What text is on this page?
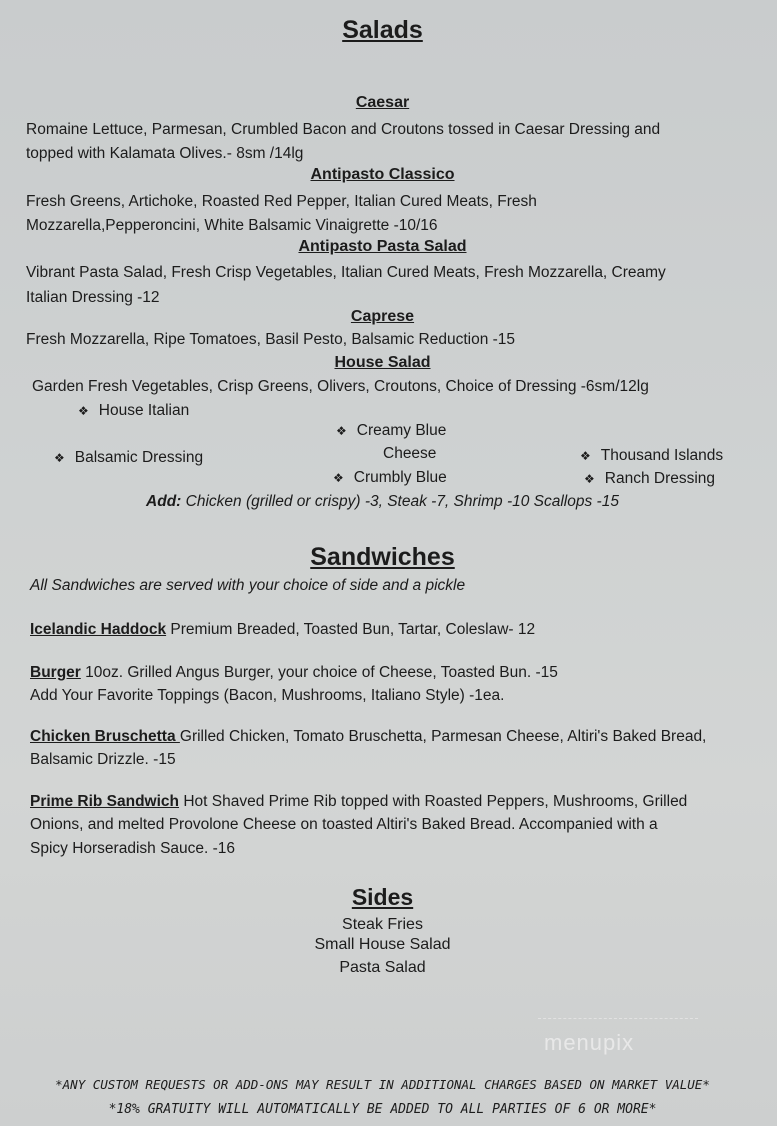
Salads
Caesar

Romaine Lettuce, Parmesan, Crumbled Bacon and Croutons tossed in Caesar Dressing and

topped with Kalamata Olives.- 8sm /14lg

Antipasto Classico

Fresh Greens, Artichoke, Roasted Red Pepper, Italian Cured Meats, Fresh

Mozzarella,Pepperoncini, White Balsamic Vinaigrette -10/16

Antipasto Pasta Salad

Vibrant Pasta Salad, Fresh Crisp Vegetables, Italian Cured Meats, Fresh Mozzarella, Creamy

Italian Dressing -12

Caprese

Fresh Mozzarella, Ripe Tomatoes, Basil Pesto, Balsamic Reduction -15

House Salad

Garden Fresh Vegetables, Crisp Greens, Olivers, Croutons, Choice of Dressing -6sm/12lg

❖ House Italian
❖ Creamy Blue
Cheese
❖ Balsamic Dressing	❖ Thousand Islands
❖ Crumbly Blue	❖ Ranch Dressing
Add: Chicken (grilled or crispy) -3, Steak -7, Shrimp -10 Scallops -15
Sandwiches

All Sandwiches are served with your choice of side and a pickle

Icelandic Haddock Premium Breaded, Toasted Bun, Tartar, Coleslaw- 12

Burger 10oz. Grilled Angus Burger, your choice of Cheese, Toasted Bun. -15

Add Your Favorite Toppings (Bacon, Mushrooms, Italiano Style) -1ea.

Chicken Bruschetta Grilled Chicken, Tomato Bruschetta, Parmesan Cheese, Altiri's Baked Bread,

Balsamic Drizzle. -15

Prime Rib Sandwich Hot Shaved Prime Rib topped with Roasted Peppers, Mushrooms, Grilled

Onions, and melted Provolone Cheese on toasted Altiri's Baked Bread. Accompanied with a

Spicy Horseradish Sauce. -16

Sides

Steak Fries

Small House Salad

Pasta Salad

menupix

*ANY CUSTOM REQUESTS OR ADD-ONS MAY RESULT IN ADDITIONAL CHARGES BASED ON MARKET VALUE*

*18% GRATUITY WILL AUTOMATICALLY BE ADDED TO ALL PARTIES OF 6 OR MORE*
